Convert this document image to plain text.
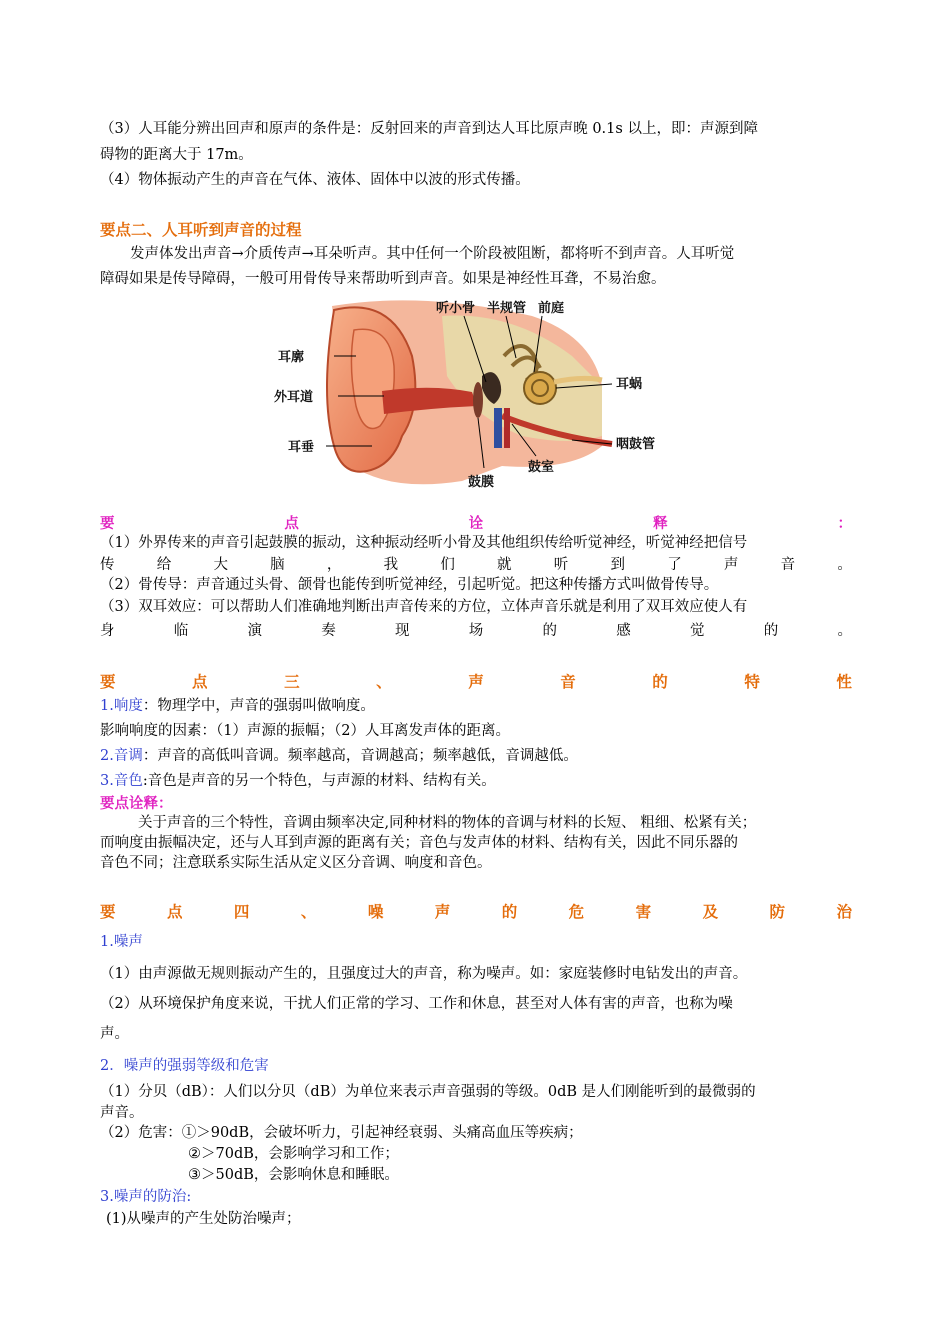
（3）人耳能分辨出回声和原声的条件是：反射回来的声音到达人耳比原声晚 0.1s 以上，即：声源到障
碍物的距离大于 17m。
（4）物体振动产生的声音在气体、液体、固体中以波的形式传播。
要点二、人耳听到声音的过程
发声体发出声音→介质传声→耳朵听声。其中任何一个阶段被阻断，都将听不到声音。人耳听觉
障碍如果是传导障碍，一般可用骨传导来帮助听到声音。如果是神经性耳聋，不易治愈。
听小骨 半规管 前庭
耳廓
外耳道
耳蜗
耳垂	咽鼓管
鼓室
鼓膜
要	点	诠	释	：
（1）外界传来的声音引起鼓膜的振动，这种振动经听小骨及其他组织传给听觉神经，听觉神经把信号
传	给	大	脑	，	我	们	就	听	到	了	声	音	。
（2）骨传导：声音通过头骨、颌骨也能传到听觉神经，引起听觉。把这种传播方式叫做骨传导。
（3）双耳效应：可以帮助人们准确地判断出声音传来的方位，立体声音乐就是利用了双耳效应使人有
身	临	演	奏	现	场	的	感	觉	的	。
要	点	三	、	声	音	的	特	性
1.响度：物理学中，声音的强弱叫做响度。
影响响度的因素：（1）声源的振幅；（2）人耳离发声体的距离。
2.音调：声音的高低叫音调。频率越高，音调越高；频率越低，音调越低。
3.音色:音色是声音的另一个特色，与声源的材料、结构有关。
要点诠释：
关于声音的三个特性，音调由频率决定,同种材料的物体的音调与材料的长短、 粗细、松紧有关；
而响度由振幅决定，还与人耳到声源的距离有关；音色与发声体的材料、结构有关，因此不同乐器的
音色不同；注意联系实际生活从定义区分音调、响度和音色。
要	点	四	、	噪	声	的	危	害	及	防	治
1.噪声
（1）由声源做无规则振动产生的，且强度过大的声音，称为噪声。如：家庭装修时电钻发出的声音。
（2）从环境保护角度来说，干扰人们正常的学习、工作和休息，甚至对人体有害的声音，也称为噪
声。
2．噪声的强弱等级和危害
（1）分贝（dB）：人们以分贝（dB）为单位来表示声音强弱的等级。0dB 是人们刚能听到的最微弱的
声音。
（2）危害：①＞90dB，会破坏听力，引起神经衰弱、头痛高血压等疾病；
②＞70dB，会影响学习和工作；
③＞50dB，会影响休息和睡眠。
3.噪声的防治:
(1)从噪声的产生处防治噪声；
